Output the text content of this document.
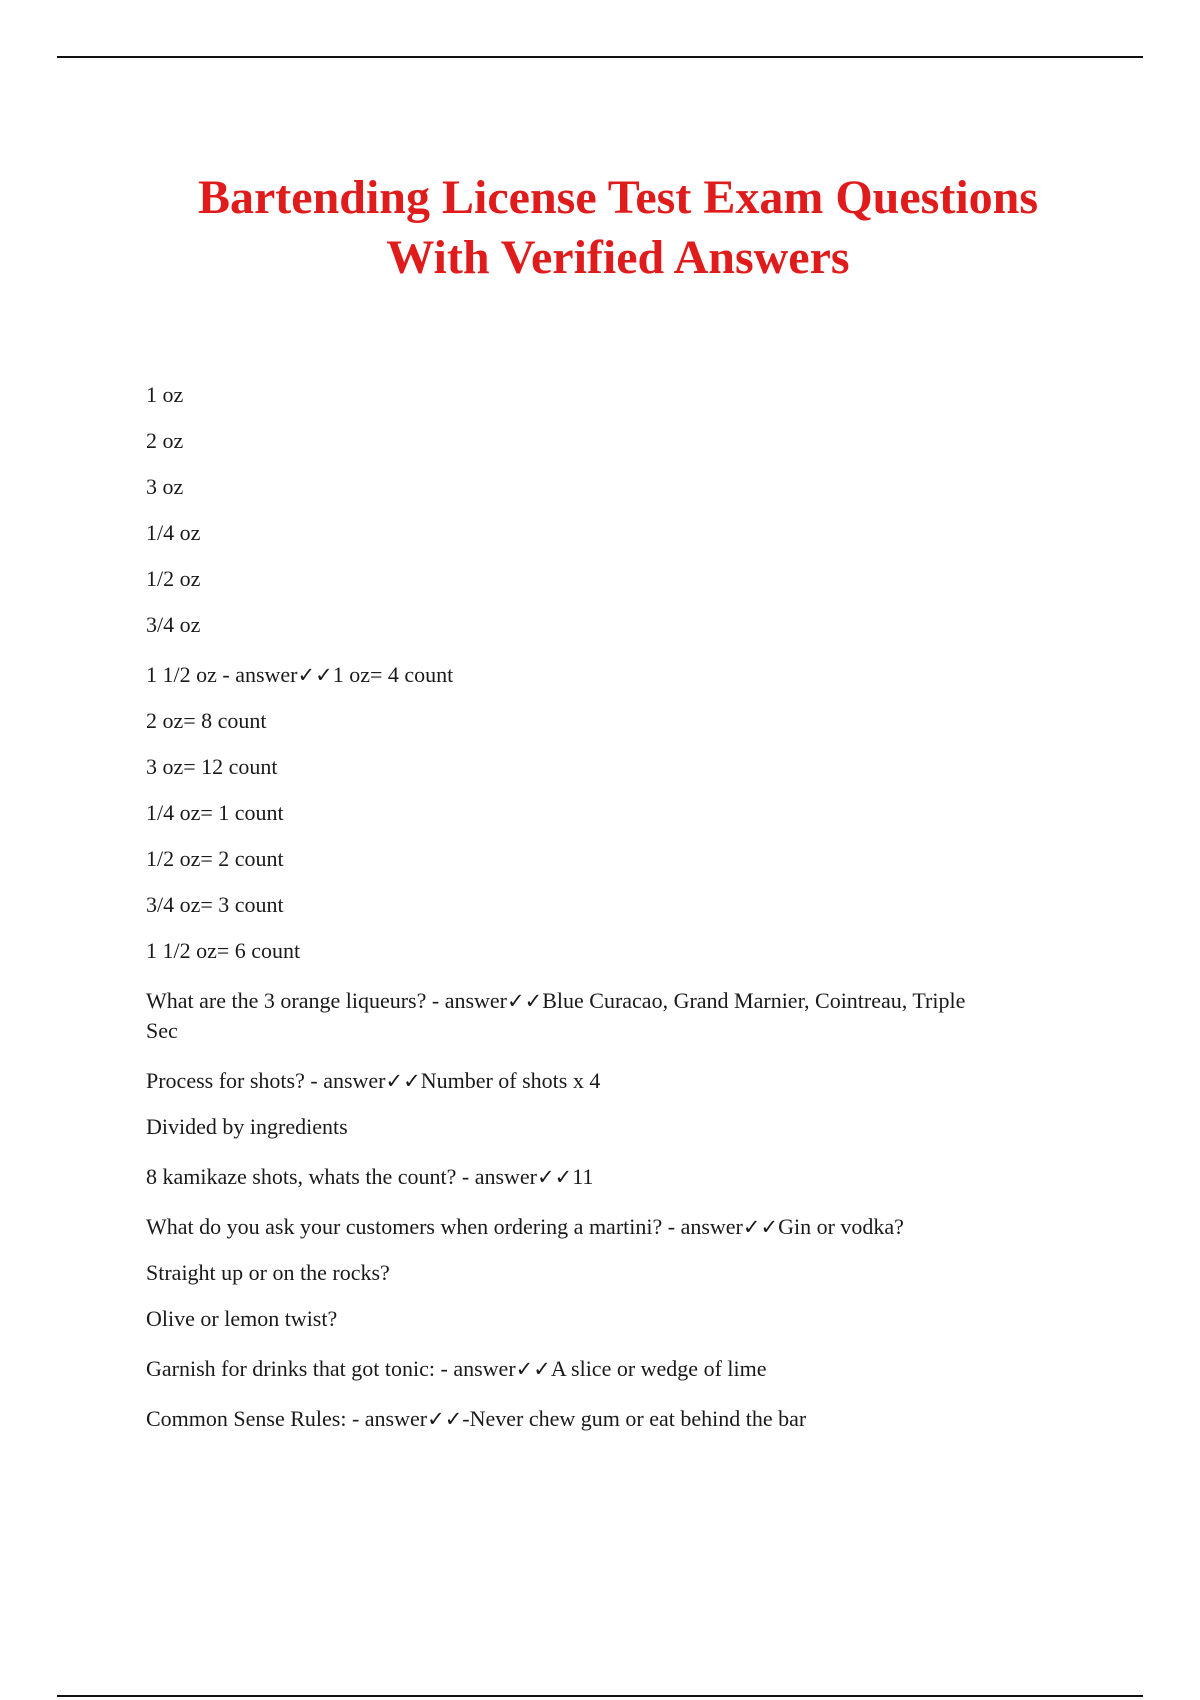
Bartending License Test Exam Questions
With Verified Answers

1 oz

2 oz

3 oz

1/4 oz

1/2 oz

3/4 oz

1 1/2 oz - answer✓✓1 oz= 4 count

2 oz= 8 count

3 oz= 12 count

1/4 oz= 1 count

1/2 oz= 2 count

3/4 oz= 3 count

1 1/2 oz= 6 count

What are the 3 orange liqueurs? - answer✓✓Blue Curacao, Grand Marnier, Cointreau, Triple
Sec

Process for shots? - answer✓✓Number of shots x 4

Divided by ingredients

8 kamikaze shots, whats the count? - answer✓✓11

What do you ask your customers when ordering a martini? - answer✓✓Gin or vodka?

Straight up or on the rocks?

Olive or lemon twist?

Garnish for drinks that got tonic: - answer✓✓A slice or wedge of lime

Common Sense Rules: - answer✓✓-Never chew gum or eat behind the bar
